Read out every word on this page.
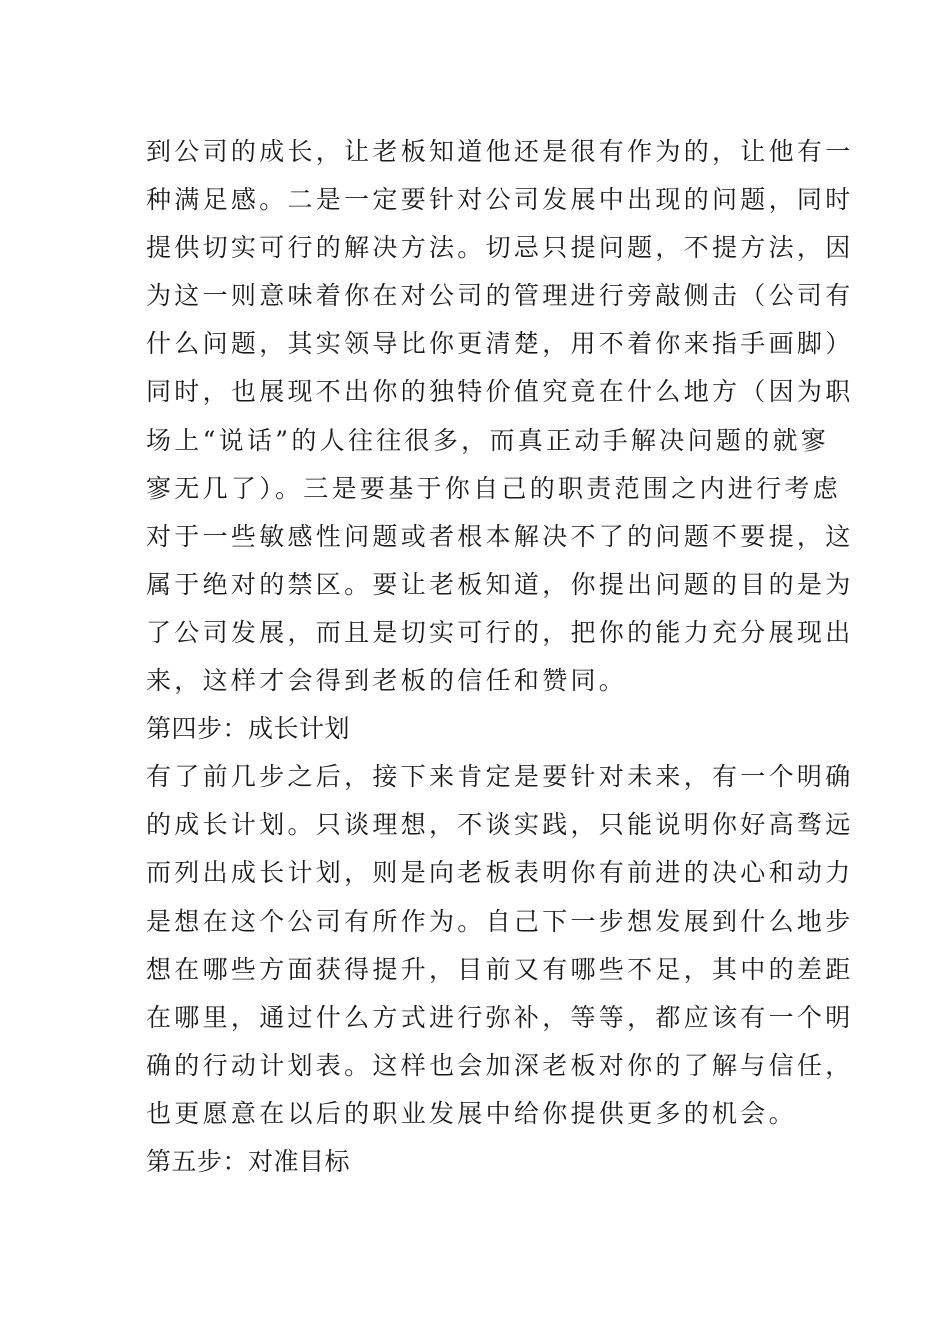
到公司的成长，让老板知道他还是很有作为的，让他有一
种满足感。二是一定要针对公司发展中出现的问题，同时
提供切实可行的解决方法。切忌只提问题，不提方法，因
为这一则意味着你在对公司的管理进行旁敲侧击（公司有
什么问题，其实领导比你更清楚，用不着你来指手画脚）
同时，也展现不出你的独特价值究竟在什么地方（因为职
场上“说话”的人往往很多，而真正动手解决问题的就寥
寥无几了）。三是要基于你自己的职责范围之内进行考虑
对于一些敏感性问题或者根本解决不了的问题不要提，这
属于绝对的禁区。要让老板知道，你提出问题的目的是为
了公司发展，而且是切实可行的，把你的能力充分展现出
来，这样才会得到老板的信任和赞同。
第四步：成长计划
有了前几步之后，接下来肯定是要针对未来，有一个明确
的成长计划。只谈理想，不谈实践，只能说明你好高骛远
而列出成长计划，则是向老板表明你有前进的决心和动力
是想在这个公司有所作为。自己下一步想发展到什么地步
想在哪些方面获得提升，目前又有哪些不足，其中的差距
在哪里，通过什么方式进行弥补，等等，都应该有一个明
确的行动计划表。这样也会加深老板对你的了解与信任，
也更愿意在以后的职业发展中给你提供更多的机会。
第五步：对准目标
